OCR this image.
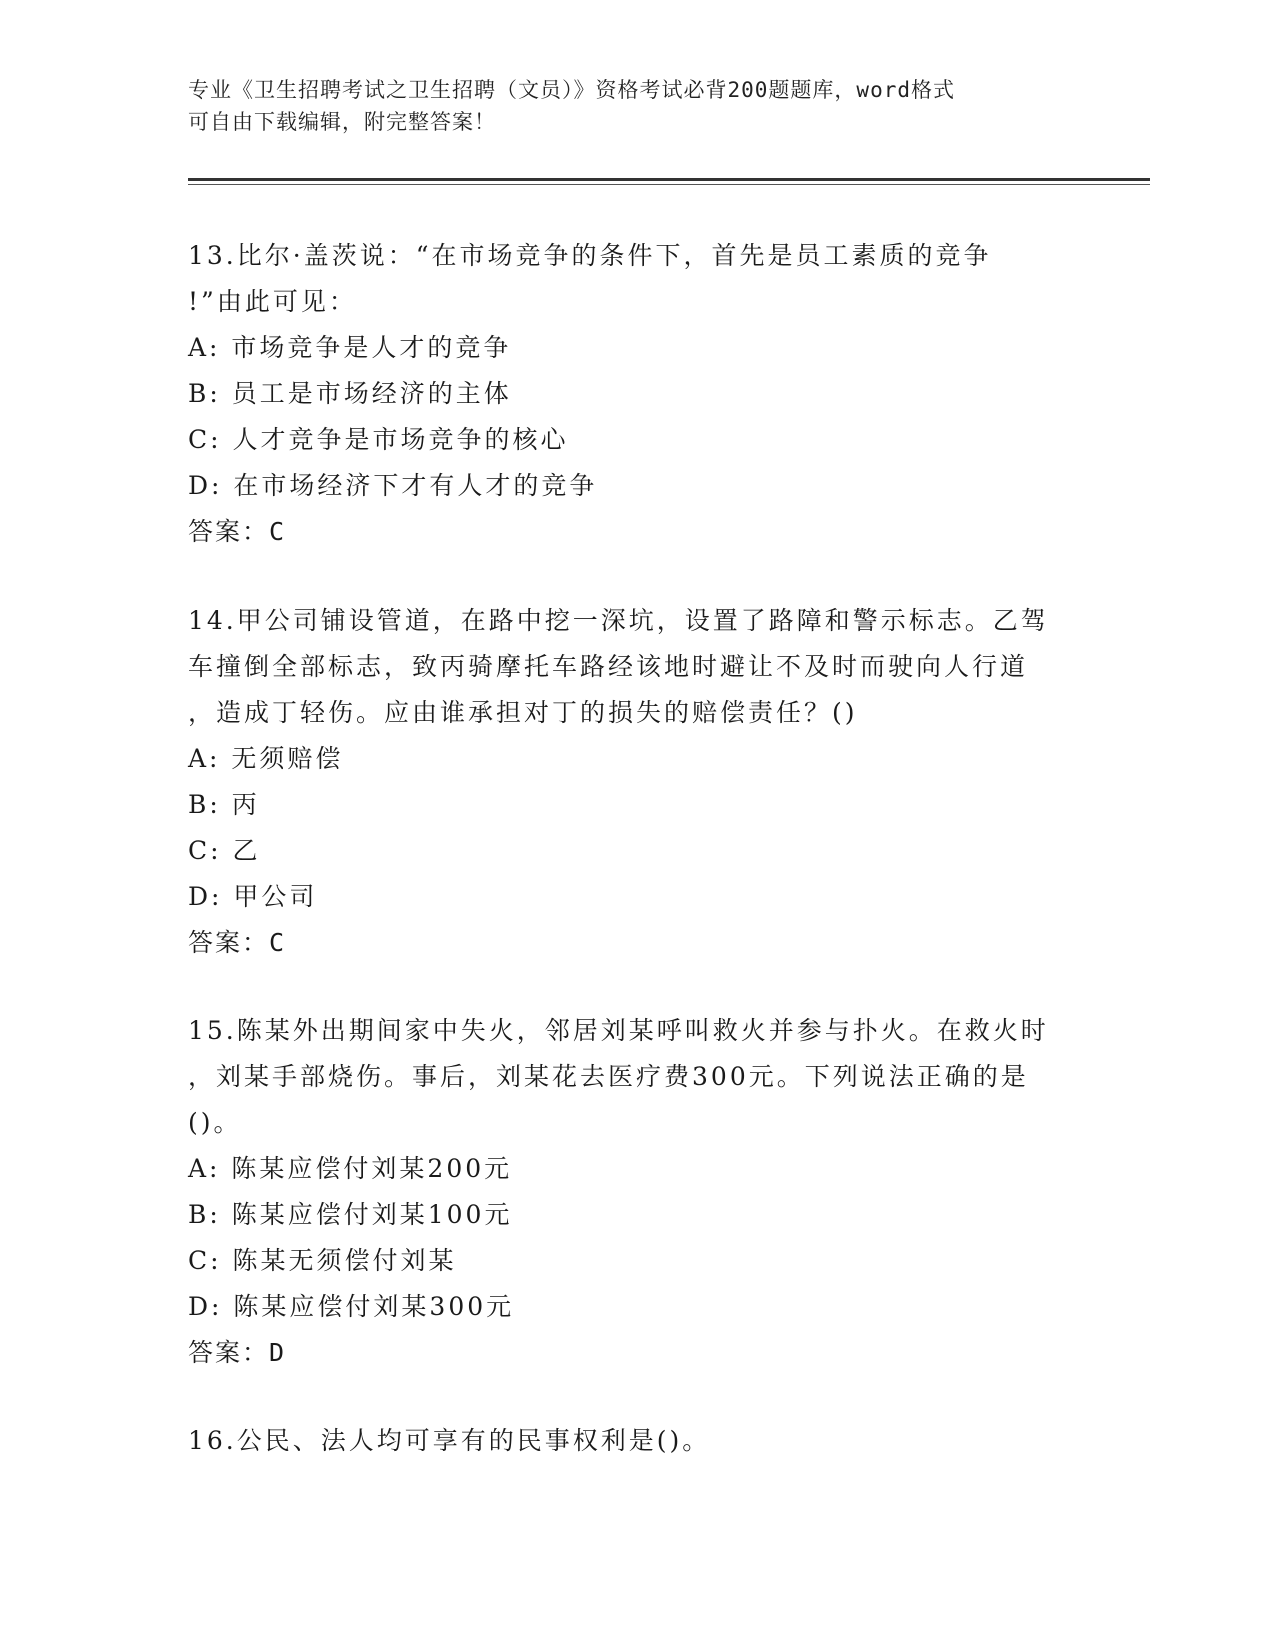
专业《卫生招聘考试之卫生招聘（文员）》资格考试必背200题题库，word格式
可自由下载编辑，附完整答案！

13.比尔·盖茨说：“在市场竞争的条件下，首先是员工素质的竞争

!”由此可见：

A: 市场竞争是人才的竞争

B: 员工是市场经济的主体

C: 人才竞争是市场竞争的核心

D: 在市场经济下才有人才的竞争

答案：C

14.甲公司铺设管道，在路中挖一深坑，设置了路障和警示标志。乙驾

车撞倒全部标志，致丙骑摩托车路经该地时避让不及时而驶向人行道

，造成丁轻伤。应由谁承担对丁的损失的赔偿责任？()

A: 无须赔偿

B: 丙

C: 乙

D: 甲公司

答案：C

15.陈某外出期间家中失火，邻居刘某呼叫救火并参与扑火。在救火时

，刘某手部烧伤。事后，刘某花去医疗费300元。下列说法正确的是

()。

A: 陈某应偿付刘某200元

B: 陈某应偿付刘某100元

C: 陈某无须偿付刘某

D: 陈某应偿付刘某300元

答案：D

16.公民、法人均可享有的民事权利是()。
